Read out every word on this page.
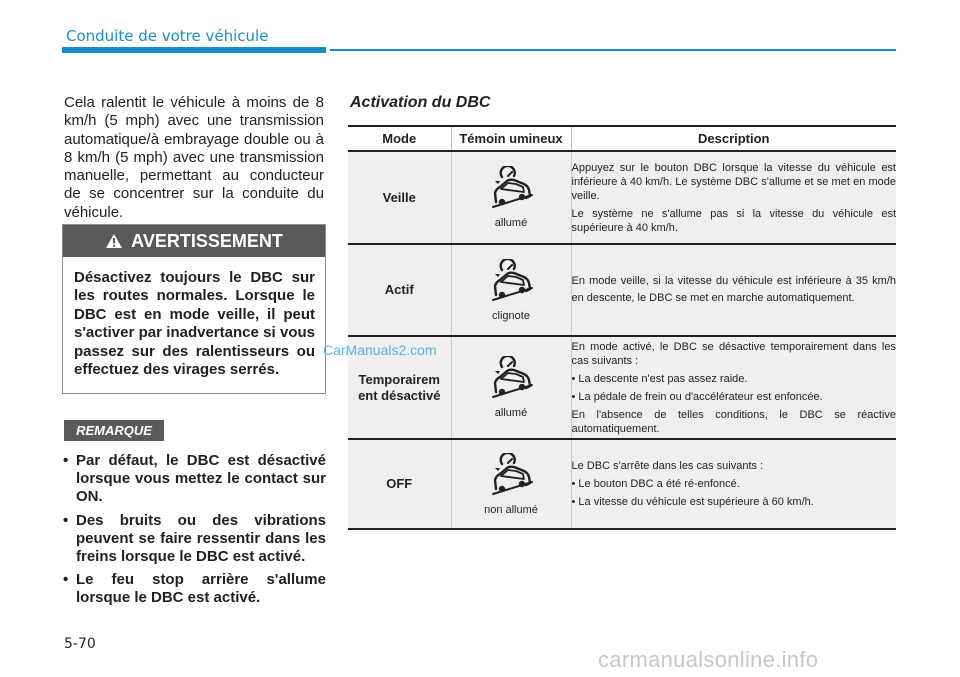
Conduite de votre véhicule

Cela ralentit le véhicule à moins de 8 km/h (5 mph) avec une transmission automatique/à embrayage double ou à 8 km/h (5 mph) avec une transmission manuelle, permettant au conducteur de se concentrer sur la conduite du véhicule.

AVERTISSEMENT

Désactivez toujours le DBC sur les routes normales. Lorsque le DBC est en mode veille, il peut s'activer par inadvertance si vous passez sur des ralentisseurs ou effectuez des virages serrés.

REMARQUE
• Par défaut, le DBC est désactivé lorsque vous mettez le contact sur ON.
• Des bruits ou des vibrations peuvent se faire ressentir dans les freins lorsque le DBC est activé.
• Le feu stop arrière s'allume lorsque le DBC est activé.
Activation du DBC
Mode	Témoin umineux	Description
Veille	allumé	Appuyez sur le bouton DBC lorsque la vitesse du véhicule est inférieure à 40 km/h. Le système DBC s'allume et se met en mode veille.

Le système ne s'allume pas si la vitesse du véhicule est supérieure à 40 km/h.

Actif	clignote	En mode veille, si la vitesse du véhicule est inférieure à 35 km/h en descente, le DBC se met en marche automatiquement.

Temporairem ent désactivé	allumé	En mode activé, le DBC se désactive temporairement dans les cas suivants :

• La descente n'est pas assez raide.

• La pédale de frein ou d'accélérateur est enfoncée.

En l'absence de telles conditions, le DBC se réactive automatiquement.

OFF	non allumé	Le DBC s'arrête dans les cas suivants :

• Le bouton DBC a été ré-enfoncé.

• La vitesse du véhicule est supérieure à 60 km/h.

5-70
CarManuals2.com
carmanualsonline.info
